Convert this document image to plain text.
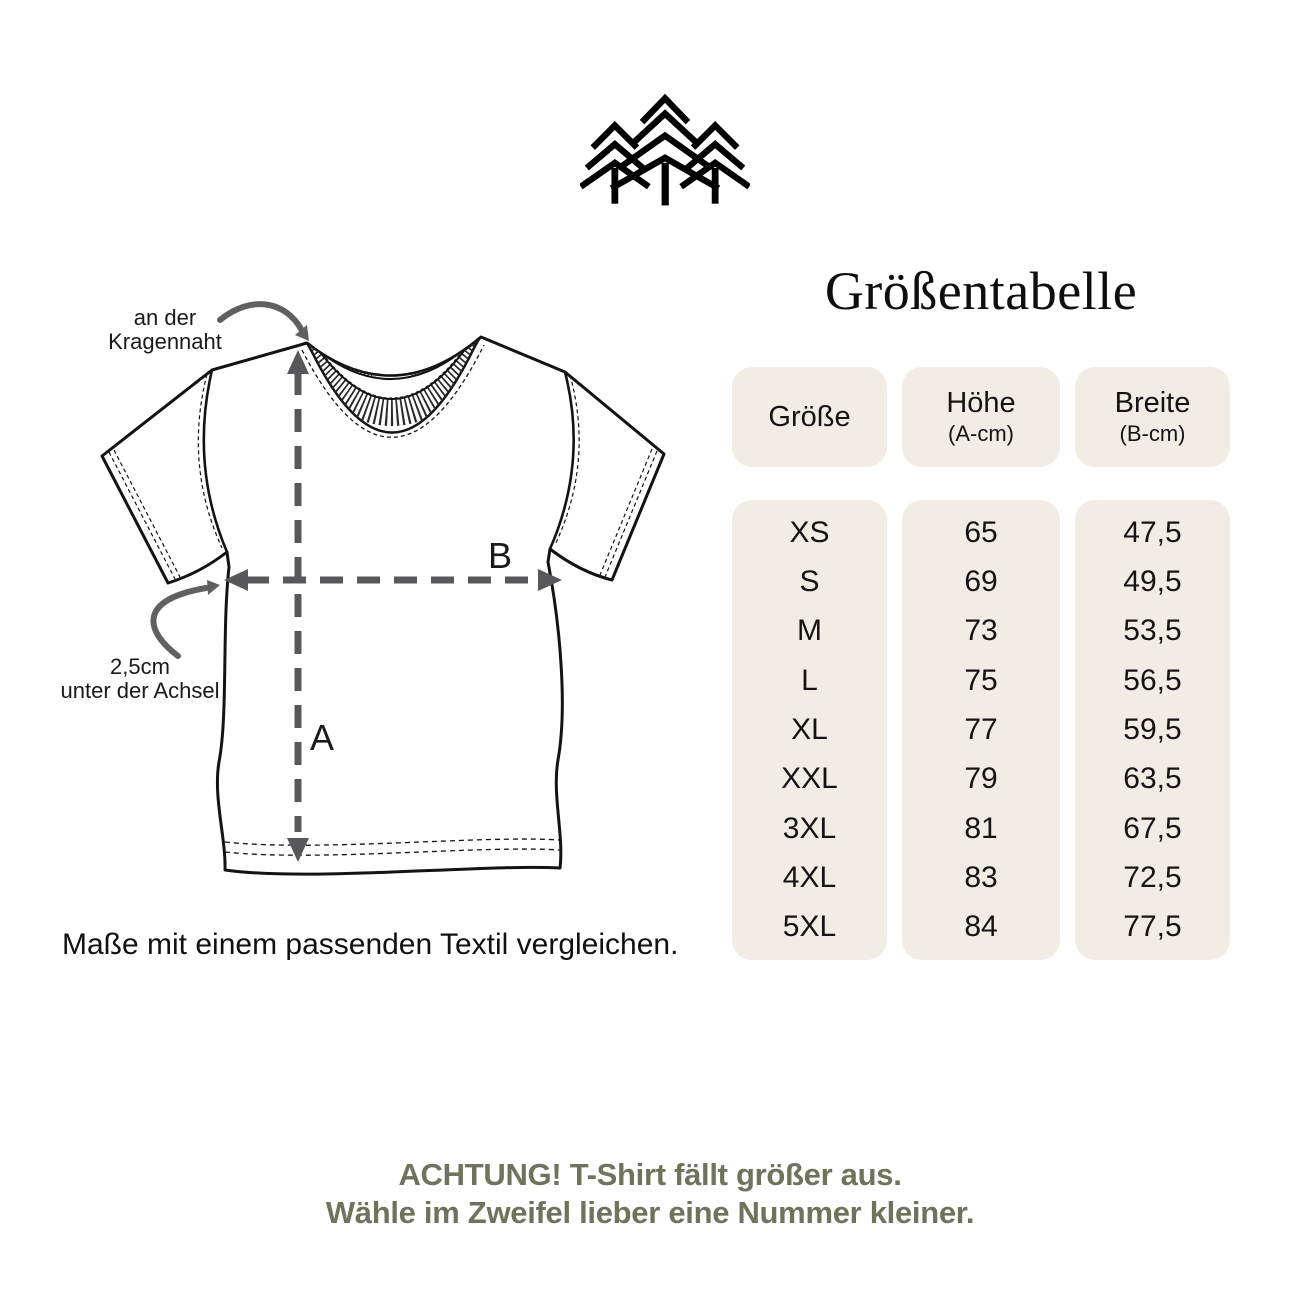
Größentabelle
Größe	Höhe
(A-cm)
Breite
(B-cm)
XS
S
M
L
XL
XXL
3XL
4XL
5XL
65
69
73
75
77
79
81
83
84
47,5
49,5
53,5
56,5
59,5
63,5
67,5
72,5
77,5
A
B
an der
Kragennaht
2,5cm
unter der Achsel
Maße mit einem passenden Textil vergleichen.
ACHTUNG! T-Shirt fällt größer aus.
Wähle im Zweifel lieber eine Nummer kleiner.
